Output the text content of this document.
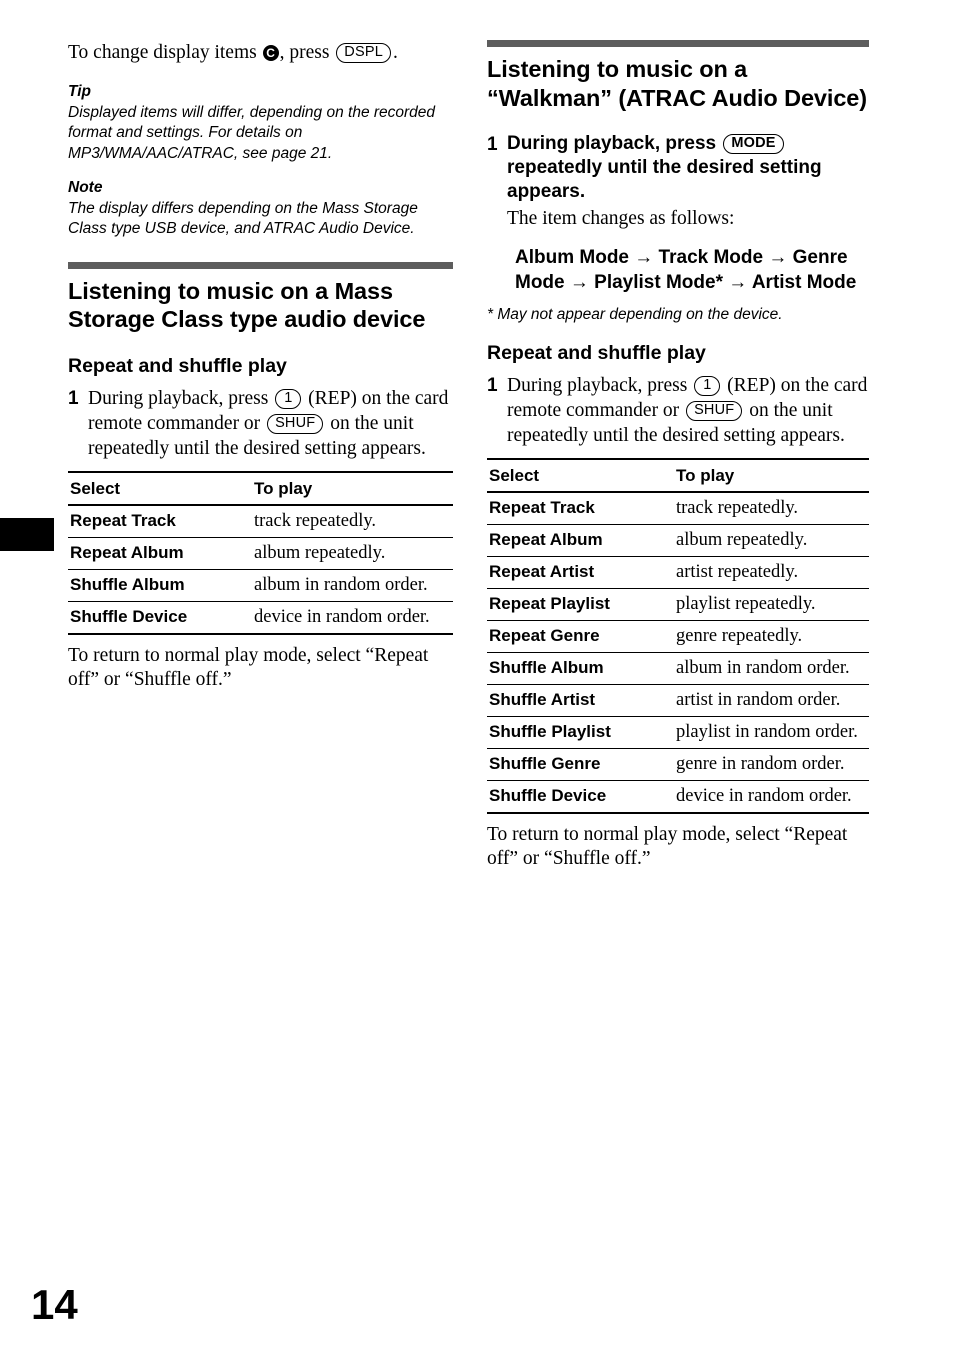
To change display items C , press DSPL .

Tip

Displayed items will differ, depending on the recorded format and settings. For details on MP3/WMA/AAC/ATRAC, see page 21.

Note

The display differs depending on the Mass Storage Class type USB device, and ATRAC Audio Device.

Listening to music on a Mass Storage Class type audio device
Repeat and shuffle play
1 During playback, press 1 (REP) on the card remote commander or SHUF on the unit repeatedly until the desired setting appears.
Select	To play
Repeat Track	track repeatedly.
Repeat Album	album repeatedly.
Shuffle Album	album in random order.
Shuffle Device	device in random order.

To return to normal play mode, select “Repeat off” or “Shuffle off.”

Listening to music on a “Walkman” (ATRAC Audio Device)
1 During playback, press MODE repeatedly until the desired setting appears.
The item changes as follows:

Album Mode → Track Mode → Genre Mode → Playlist Mode* → Artist Mode

* May not appear depending on the device.

Repeat and shuffle play
1 During playback, press 1 (REP) on the card remote commander or SHUF on the unit repeatedly until the desired setting appears.
Select	To play
Repeat Track	track repeatedly.
Repeat Album	album repeatedly.
Repeat Artist	artist repeatedly.
Repeat Playlist	playlist repeatedly.
Repeat Genre	genre repeatedly.
Shuffle Album	album in random order.
Shuffle Artist	artist in random order.
Shuffle Playlist	playlist in random order.
Shuffle Genre	genre in random order.
Shuffle Device	device in random order.

To return to normal play mode, select “Repeat off” or “Shuffle off.”

14
